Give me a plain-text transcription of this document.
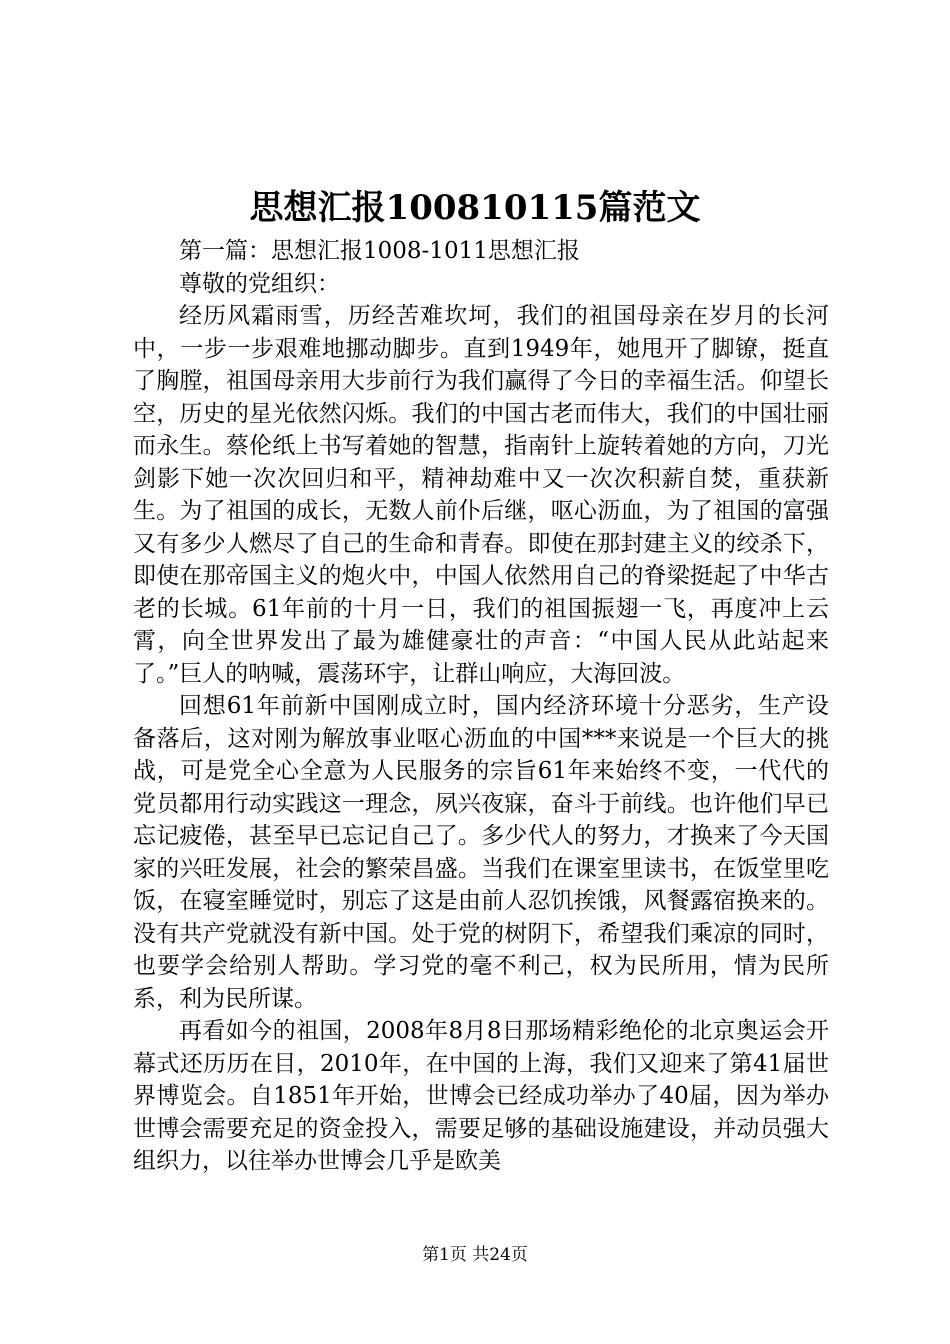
思想汇报100810115篇范文

第一篇：思想汇报1008-1011思想汇报

尊敬的党组织：

经历风霜雨雪，历经苦难坎坷，我们的祖国母亲在岁月的长河中，一步一步艰难地挪动脚步。直到1949年，她甩开了脚镣，挺直了胸膛，祖国母亲用大步前行为我们赢得了今日的幸福生活。仰望长空，历史的星光依然闪烁。我们的中国古老而伟大，我们的中国壮丽而永生。蔡伦纸上书写着她的智慧，指南针上旋转着她的方向，刀光剑影下她一次次回归和平，精神劫难中又一次次积薪自焚，重获新生。为了祖国的成长，无数人前仆后继，呕心沥血，为了祖国的富强又有多少人燃尽了自己的生命和青春。即使在那封建主义的绞杀下，即使在那帝国主义的炮火中，中国人依然用自己的脊梁挺起了中华古老的长城。61年前的十月一日，我们的祖国振翅一飞，再度冲上云霄，向全世界发出了最为雄健豪壮的声音：“中国人民从此站起来了。”巨人的呐喊，震荡环宇，让群山响应，大海回波。

回想61年前新中国刚成立时，国内经济环境十分恶劣，生产设备落后，这对刚为解放事业呕心沥血的中国***来说是一个巨大的挑战，可是党全心全意为人民服务的宗旨61年来始终不变，一代代的党员都用行动实践这一理念，夙兴夜寐，奋斗于前线。也许他们早已忘记疲倦，甚至早已忘记自己了。多少代人的努力，才换来了今天国家的兴旺发展，社会的繁荣昌盛。当我们在课室里读书，在饭堂里吃饭，在寝室睡觉时，别忘了这是由前人忍饥挨饿，风餐露宿换来的。没有共产党就没有新中国。处于党的树阴下，希望我们乘凉的同时，也要学会给别人帮助。学习党的毫不利己，权为民所用，情为民所系，利为民所谋。

再看如今的祖国，2008年8月8日那场精彩绝伦的北京奥运会开幕式还历历在目，2010年，在中国的上海，我们又迎来了第41届世界博览会。自1851年开始，世博会已经成功举办了40届，因为举办世博会需要充足的资金投入，需要足够的基础设施建设，并动员强大组织力，以往举办世博会几乎是欧美

第1页 共24页
